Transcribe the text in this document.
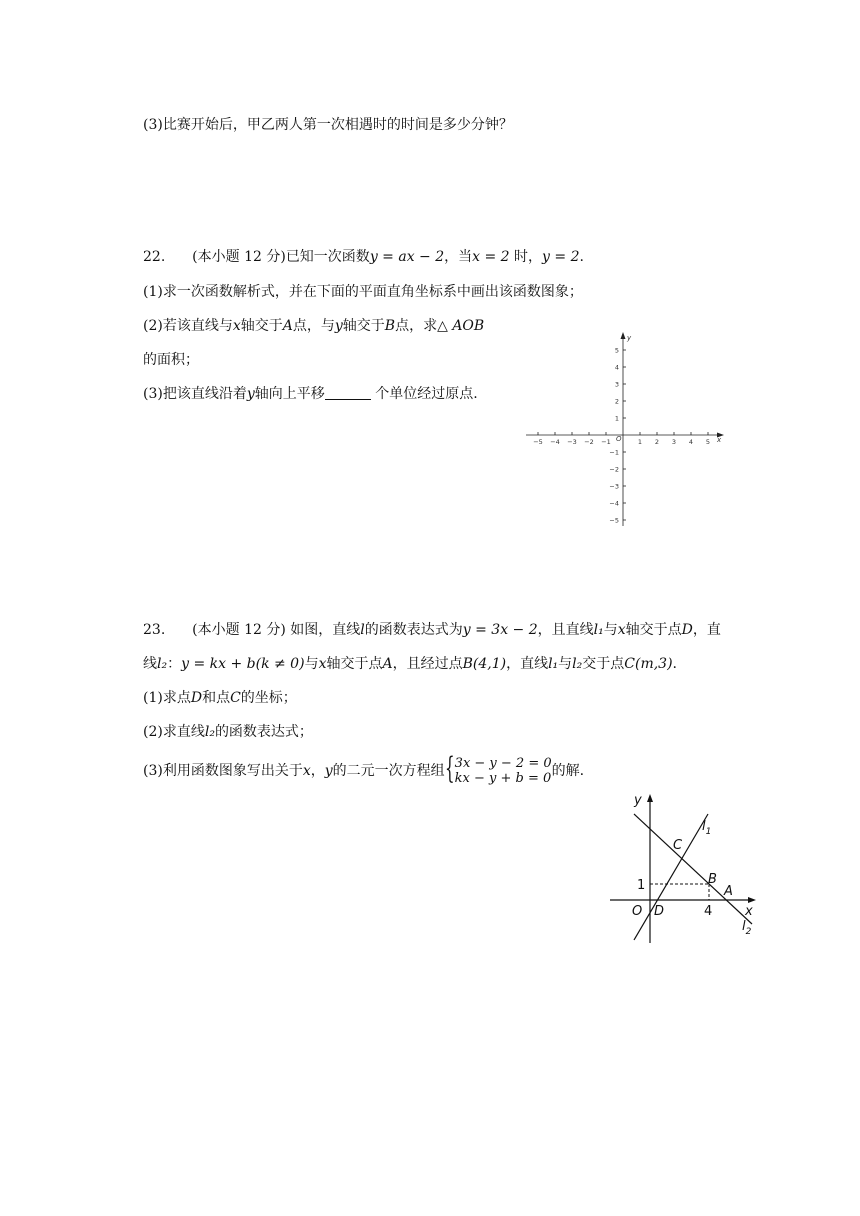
(3)比赛开始后，甲乙两人第一次相遇时的时间是多少分钟？
22. (本小题 12 分)已知一次函数y = ax − 2，当x = 2 时，y = 2.
(1)求一次函数解析式，并在下面的平面直角坐标系中画出该函数图象；
(2)若该直线与x轴交于A点，与y轴交于B点，求△ AOB
的面积；
(3)把该直线沿着y轴向上平移	个单位经过原点.
−5 −4 −3 −2 −1	1 2 3 4 5
5
4
3
2
1
−1
−2
−3
−4
−5
O	x
y
23. (本小题 12 分) 如图，直线l的函数表达式为y = 3x − 2，且直线l₁与x轴交于点D，直
线l₂：y = kx + b(k ≠ 0)与x轴交于点A，且经过点B(4,1)，直线l₁与l₂交于点C(m,3).
(1)求点D和点C的坐标；
(2)求直线l₂的函数表达式；
(3)利用函数图象写出关于x，y的二元一次方程组 { 3x − y − 2 = 0
kx − y + b = 0 的解.
y
x
O D
C
B
A
1
4
$l_1$
$l_2$
